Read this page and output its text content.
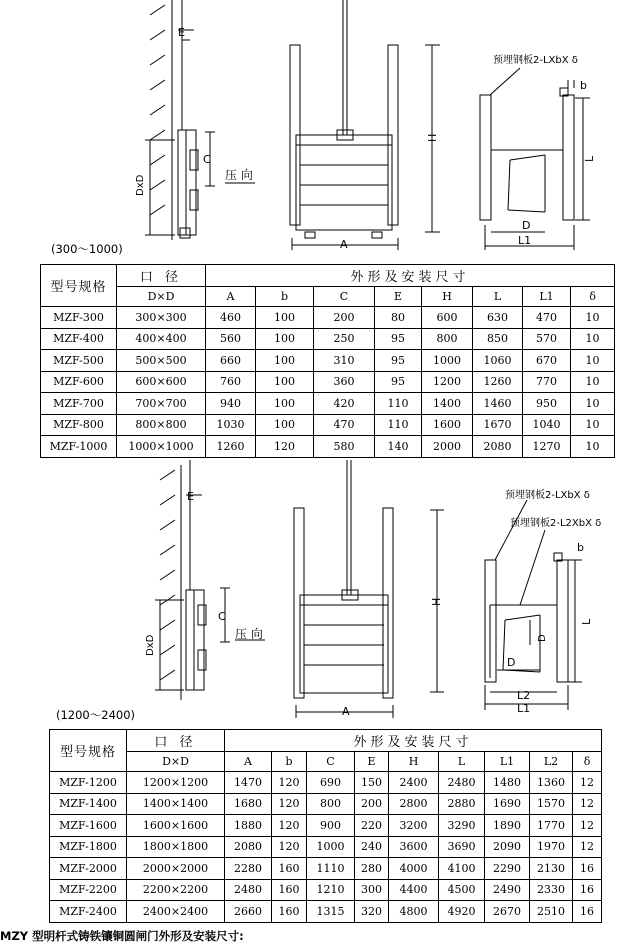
E
C
DxD	压 向
H
A
预埋钢板2-LXbX δ
b
L
D
L1
(300～1000)
型号规格	口 径	外形及安装尺寸							
	D×D	A	b	C	E	H	L	L1	δ
MZF-300	300×300	460	100	200	80	600	630	470	10
MZF-400	400×400	560	100	250	95	800	850	570	10
MZF-500	500×500	660	100	310	95	1000	1060	670	10
MZF-600	600×600	760	100	360	95	1200	1260	770	10
MZF-700	700×700	940	100	420	110	1400	1460	950	10
MZF-800	800×800	1030	100	470	110	1600	1670	1040	10
MZF-1000	1000×1000	1260	120	580	140	2000	2080	1270	10
E
C
DxD
压 向
H
A
预埋钢板2-LXbX δ
预埋钢板2-L2XbX δ
b
L
D
D
L2
L1
(1200～2400)
型号规格	口 径	外形及安装尺寸								
	D×D	A	b	C	E	H	L	L1	L2	δ
MZF-1200	1200×1200	1470	120	690	150	2400	2480	1480	1360	12
MZF-1400	1400×1400	1680	120	800	200	2800	2880	1690	1570	12
MZF-1600	1600×1600	1880	120	900	220	3200	3290	1890	1770	12
MZF-1800	1800×1800	2080	120	1000	240	3600	3690	2090	1970	12
MZF-2000	2000×2000	2280	160	1110	280	4000	4100	2290	2130	16
MZF-2200	2200×2200	2480	160	1210	300	4400	4500	2490	2330	16
MZF-2400	2400×2400	2660	160	1315	320	4800	4920	2670	2510	16
MZY 型明杆式铸铁镶铜圆闸门外形及安装尺寸:
